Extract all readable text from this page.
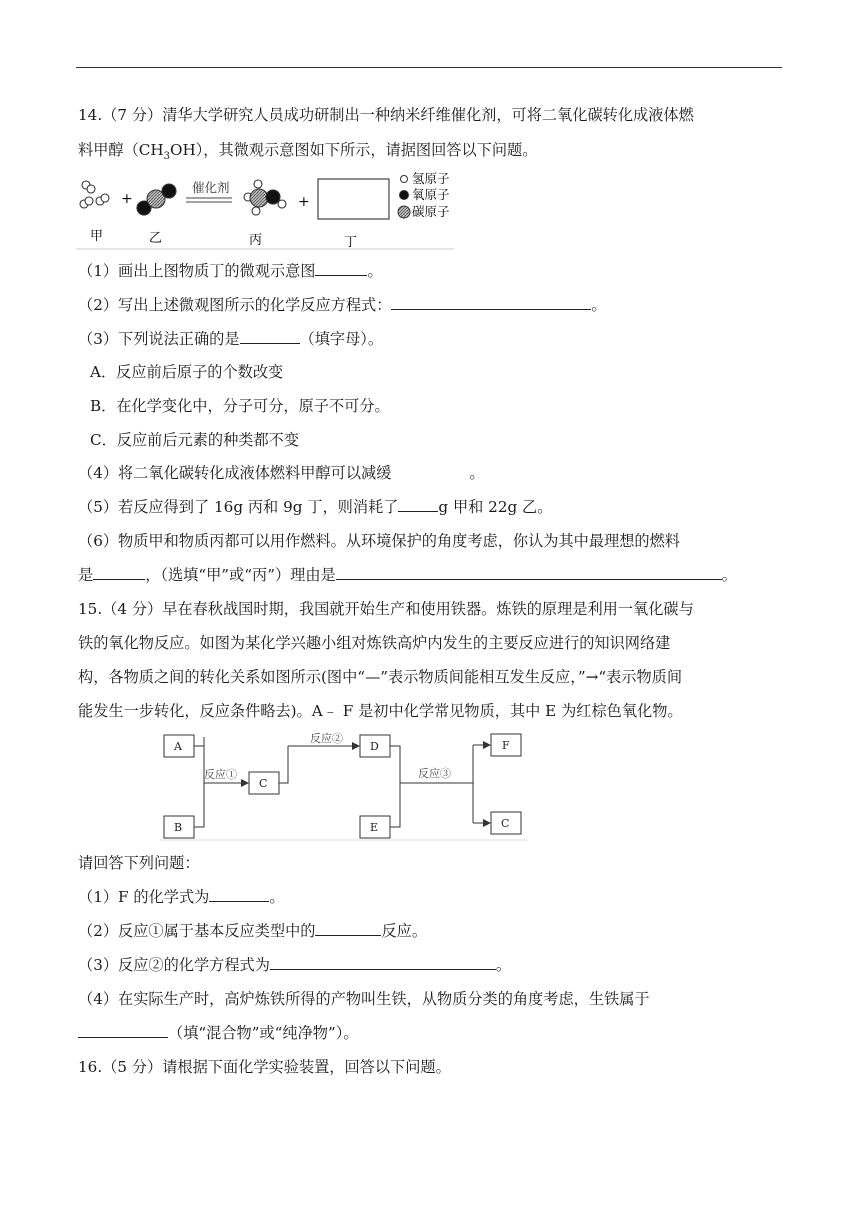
14.（7 分）清华大学研究人员成功研制出一种纳米纤维催化剂，可将二氧化碳转化成液体燃
料甲醇$(CH_3OH)$，其微观示意图如下所示，请据图回答以下问题。
+
催化剂
+
氢原子
氧原子
碳原子
甲	乙	丙	丁
（1）画出上图物质丁的微观示意图	。
（2）写出上述微观图所示的化学反应方程式：	。
（3）下列说法正确的是	（填字母）。
A．反应前后原子的个数改变
B．在化学变化中，分子可分，原子不可分。
C．反应前后元素的种类都不变
（4）将二氧化碳转化成液体燃料甲醇可以减缓	。
（5）若反应得到了 16g 丙和 9g 丁，则消耗了	g 甲和 22g 乙。
（6）物质甲和物质丙都可以用作燃料。从环境保护的角度考虑，你认为其中最理想的燃料
是	，（选填“甲”或“丙”）理由是	。
15.（4 分）早在春秋战国时期，我国就开始生产和使用铁器。炼铁的原理是利用一氧化碳与
铁的氧化物反应。如图为某化学兴趣小组对炼铁高炉内发生的主要反应进行的知识网络建
构，各物质之间的转化关系如图所示(图中“—”表示物质间能相互发生反应，”→“表示物质间
能发生一步转化，反应条件略去)。A﹣ F 是初中化学常见物质，其中 E 为红棕色氧化物。
A
B
C
D
E
F
C
反应①
反应②
反应③
请回答下列问题：
（1）F 的化学式为	。
（2）反应①属于基本反应类型中的	反应。
（3）反应②的化学方程式为	。
（4）在实际生产时，高炉炼铁所得的产物叫生铁，从物质分类的角度考虑，生铁属于
（填“混合物”或“纯净物”）。
16.（5 分）请根据下面化学实验装置，回答以下问题。
